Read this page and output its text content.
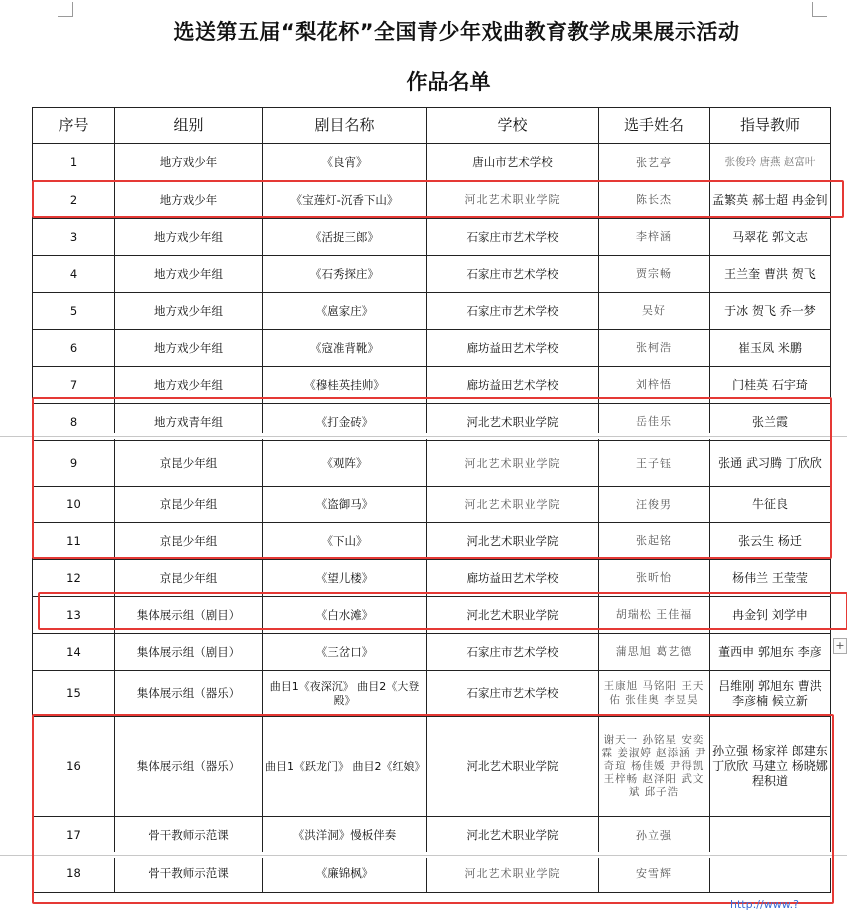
选送第五届“梨花杯”全国青少年戏曲教育教学成果展示活动
作品名单
序号	组别	剧目名称	学校	选手姓名	指导教师
1	地方戏少年	《良宵》	唐山市艺术学校	张艺亭	张俊玲 唐燕 赵富叶
2	地方戏少年	《宝莲灯-沉香下山》	河北艺术职业学院	陈长杰	孟繁英 郝士超 冉金钊
3	地方戏少年组	《活捉三郎》	石家庄市艺术学校	李梓涵	马翠花 郭文志
4	地方戏少年组	《石秀探庄》	石家庄市艺术学校	贾宗畅	王兰奎 曹洪 贺飞
5	地方戏少年组	《扈家庄》	石家庄市艺术学校	吴好	于冰 贺飞 乔一梦
6	地方戏少年组	《寇准背靴》	廊坊益田艺术学校	张柯浩	崔玉凤 米鹏
7	地方戏少年组	《穆桂英挂帅》	廊坊益田艺术学校	刘梓悟	门桂英 石宇琦
8	地方戏青年组	《打金砖》	河北艺术职业学院	岳佳乐	张兰霞
9	京昆少年组	《观阵》	河北艺术职业学院	王子钰	张通 武习腾 丁欣欣
10	京昆少年组	《盗御马》	河北艺术职业学院	汪俊男	牛征良
11	京昆少年组	《下山》	河北艺术职业学院	张起铭	张云生 杨迁
12	京昆少年组	《望儿楼》	廊坊益田艺术学校	张昕怡	杨伟兰 王莹莹
13	集体展示组（剧目）	《白水滩》	河北艺术职业学院	胡瑞松 王佳福	冉金钊 刘学申
14	集体展示组（剧目）	《三岔口》	石家庄市艺术学校	蒲思旭 葛艺德	董西申 郭旭东 李彦
15	集体展示组（器乐）	曲目1《夜深沉》 曲目2《大登殿》	石家庄市艺术学校	王康旭 马铭阳 王天佑 张佳奥 李昱昊	吕维刚 郭旭东 曹洪 李彦楠 候立新
16	集体展示组（器乐）	曲目1《跃龙门》 曲目2《红娘》	河北艺术职业学院	谢天一 孙铭星 安奕霖 姜淑婷 赵添涵 尹奇瑄 杨佳媛 尹得凯 王梓畅 赵泽阳 武文斌 邱子浩	孙立强 杨家祥 郎建东 丁欣欣 马建立 杨晓娜 程积道
17	骨干教师示范课	《洪洋洞》慢板伴奏	河北艺术职业学院	孙立强	
18	骨干教师示范课	《廉锦枫》	河北艺术职业学院	安雪辉	
+
http://www.?
